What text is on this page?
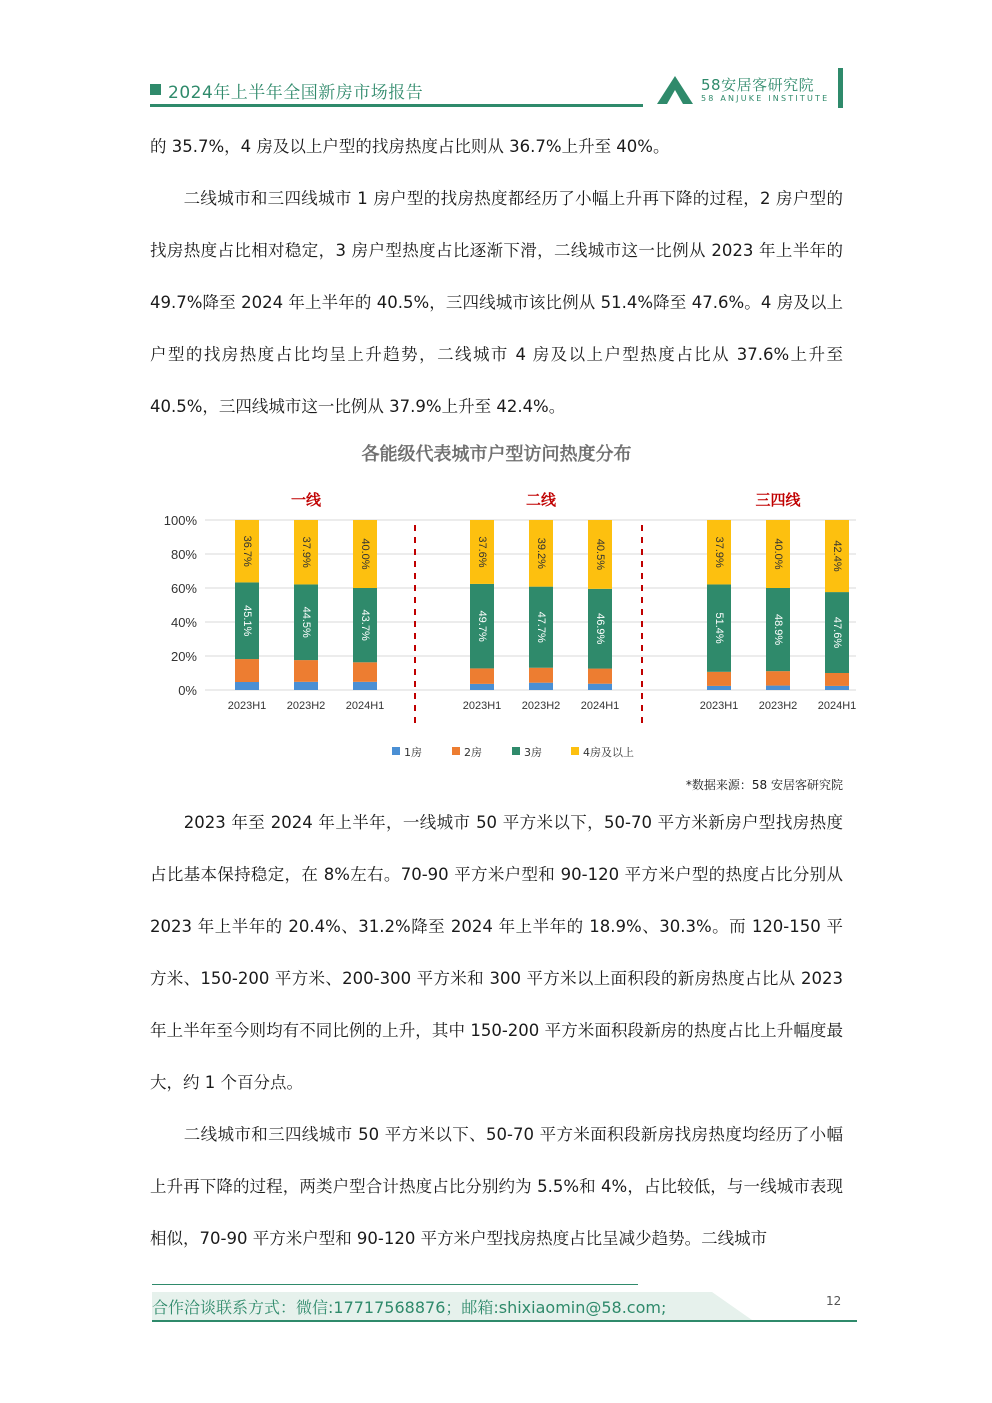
2024年上半年全国新房市场报告	58安居客研究院
58 ANJUKE INSTITUTE

的 35.7%，4 房及以上户型的找房热度占比则从 36.7%上升至 40%。

　　二线城市和三四线城市 1 房户型的找房热度都经历了小幅上升再下降的过程，2 房户型的找房热度占比相对稳定，3 房户型热度占比逐渐下滑，二线城市这一比例从 2023 年上半年的 49.7%降至 2024 年上半年的 40.5%，三四线城市该比例从 51.4%降至 47.6%。4 房及以上户型的找房热度占比均呈上升趋势，二线城市 4 房及以上户型热度占比从 37.6%上升至 40.5%，三四线城市这一比例从 37.9%上升至 42.4%。

各能级代表城市户型访问热度分布
0%
20%
40%
60%
80%
100%
一线
45.1%
36.7%
2023H1
44.5%
37.9%
2023H2
43.7%
40.0%
2024H1
二线
49.7%
37.6%
2023H1
47.7%
39.2%
2023H2
46.9%
40.5%
2024H1
三四线
51.4%
37.9%
2023H1
48.9%
40.0%
2023H2
47.6%
42.4%
2024H1
1房	2房	3房	4房及以上
*数据来源：58 安居客研究院

　　2023 年至 2024 年上半年，一线城市 50 平方米以下，50-70 平方米新房户型找房热度占比基本保持稳定，在 8%左右。70-90 平方米户型和 90-120 平方米户型的热度占比分别从 2023 年上半年的 20.4%、31.2%降至 2024 年上半年的 18.9%、30.3%。而 120-150 平方米、150-200 平方米、200-300 平方米和 300 平方米以上面积段的新房热度占比从 2023 年上半年至今则均有不同比例的上升，其中 150-200 平方米面积段新房的热度占比上升幅度最大，约 1 个百分点。

　　二线城市和三四线城市 50 平方米以下、50-70 平方米面积段新房找房热度均经历了小幅上升再下降的过程，两类户型合计热度占比分别约为 5.5%和 4%，占比较低，与一线城市表现相似，70-90 平方米户型和 90-120 平方米户型找房热度占比呈减少趋势。二线城市

合作洽谈联系方式：微信:17717568876；邮箱:shixiaomin@58.com;	12
